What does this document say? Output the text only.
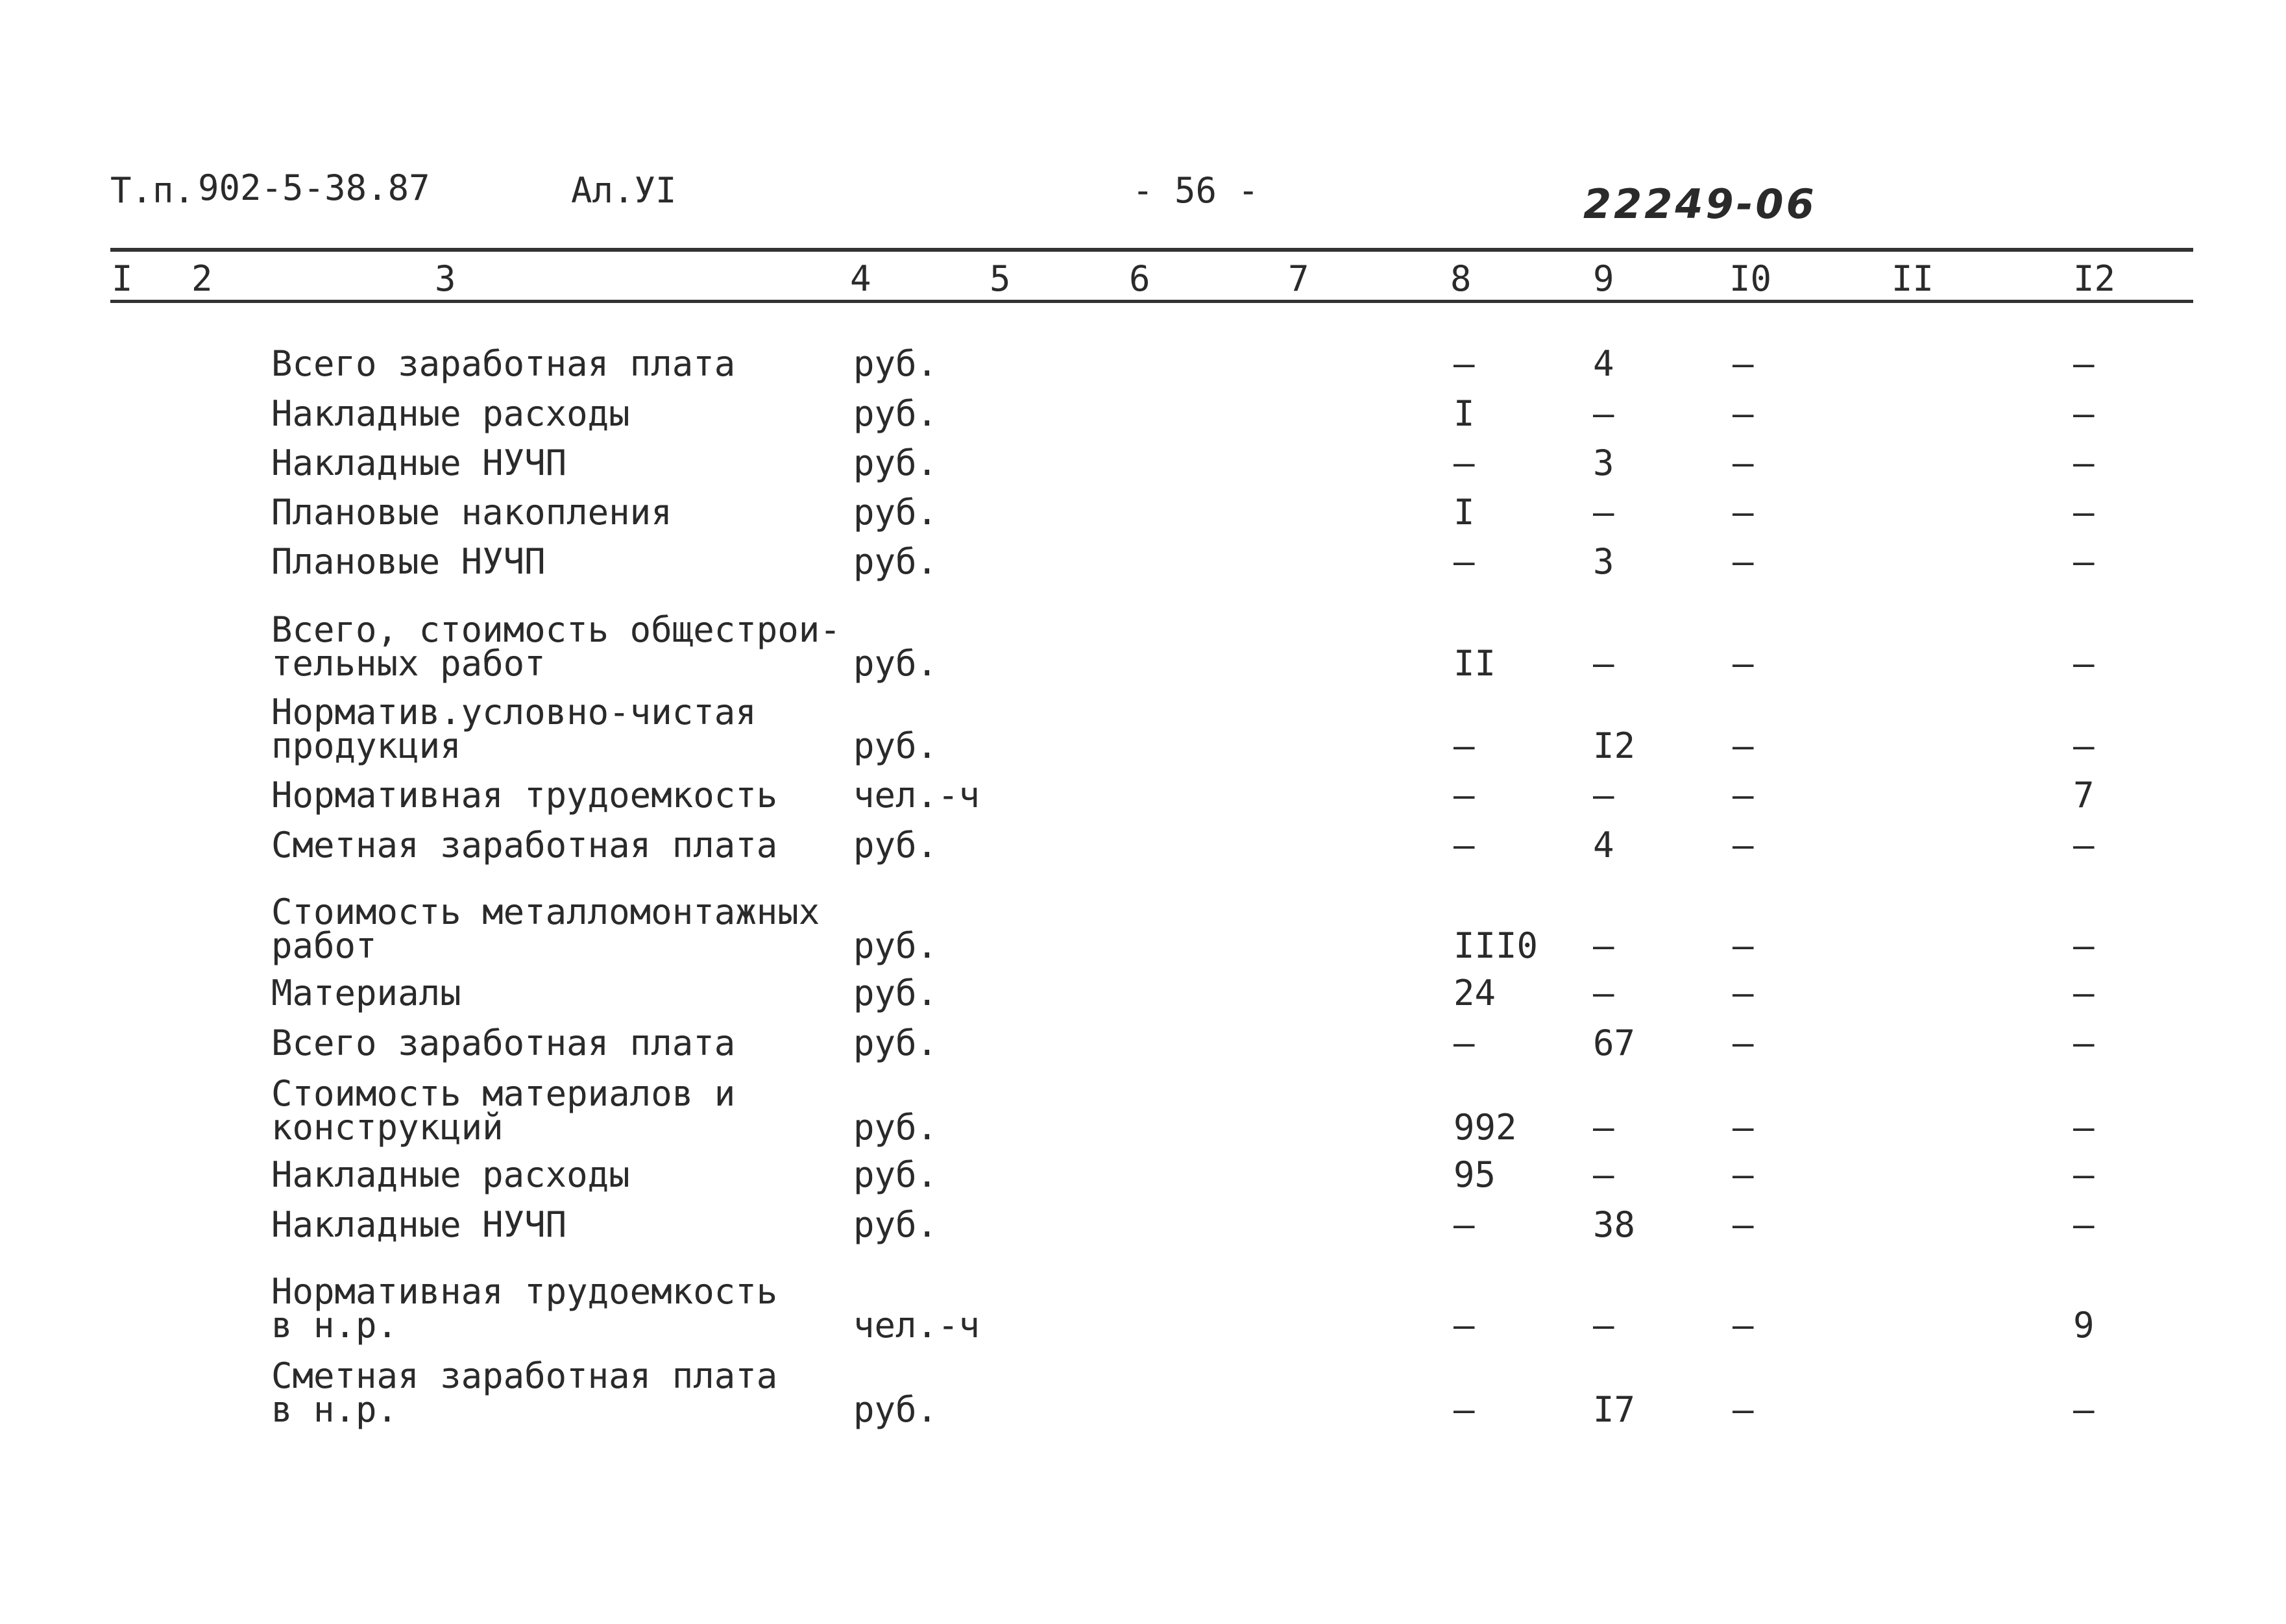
Т.п. 902-5-38.87	Ал.УI	- 56 -	22249-06
I 2	3	4	5	6	7	8	9	I0	II	I2
Всего заработная плата	руб.	–	4	–	–
Накладные расходы	руб.	I	–	–	–
Накладные НУЧП	руб.	–	3	–	–
Плановые накопления	руб.	I	–	–	–
Плановые НУЧП	руб.	–	3	–	–
Всего, стоимость общестрои-
тельных работ	руб.	II	–	–	–
Норматив.условно-чистая
продукция	руб.	–	I2	–	–
Нормативная трудоемкость чел.-ч	–	–	–	7
Сметная заработная плата руб.	–	4	–	–
Стоимость металломонтажных
работ	руб.	III0 –	–	–
Материалы	руб.	24	–	–	–
Всего заработная плата	руб.	–	67	–	–
Стоимость материалов и
конструкций	руб.	992 –	–	–
Накладные расходы	руб.	95	–	–	–
Накладные НУЧП	руб.	–	38	–	–
Нормативная трудоемкость
в н.р.	чел.-ч	–	–	–	9
Сметная заработная плата
в н.р.	руб.	–	I7	–	–
